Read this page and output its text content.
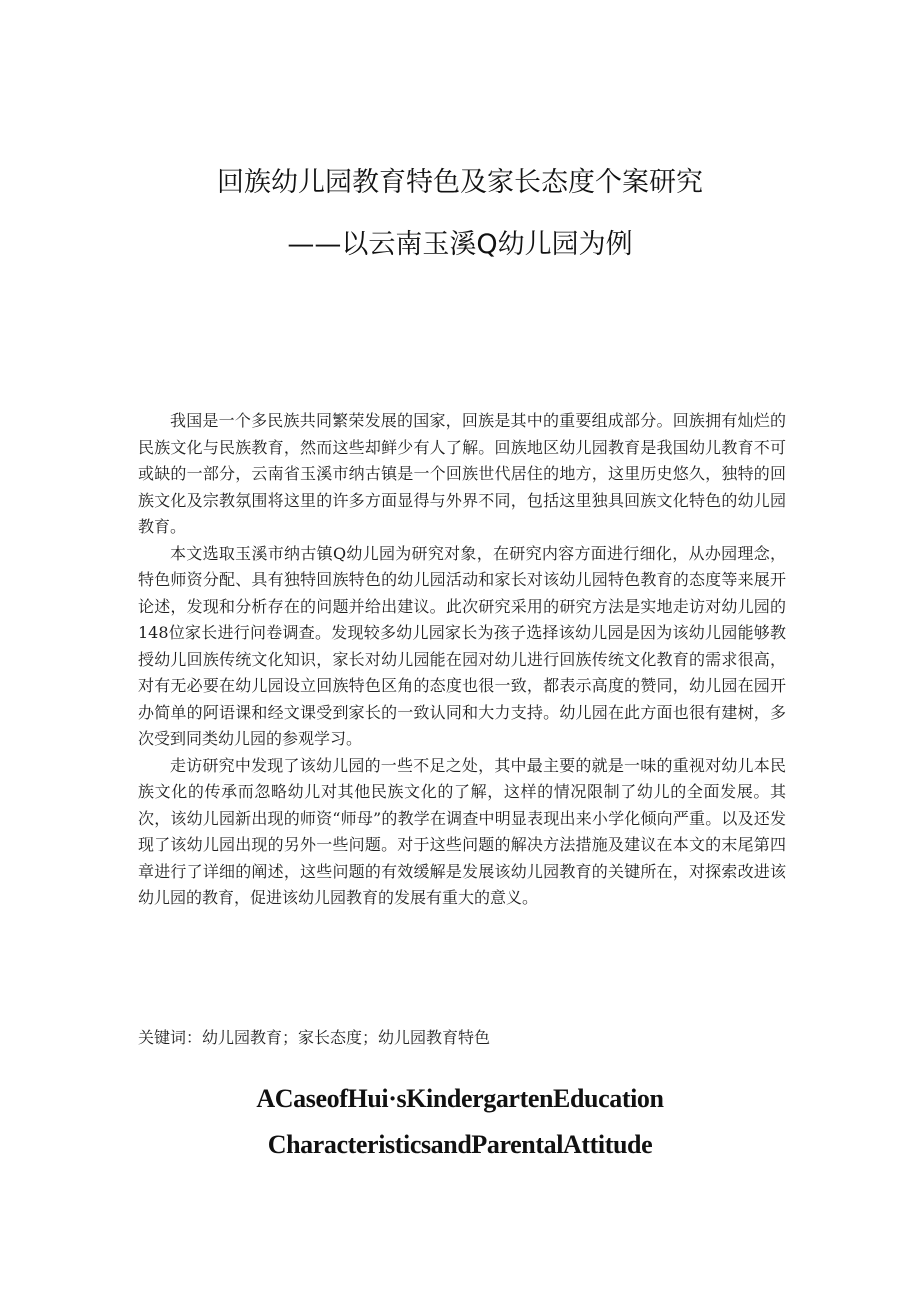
回族幼儿园教育特色及家长态度个案研究
——以云南玉溪Q幼儿园为例

我国是一个多民族共同繁荣发展的国家，回族是其中的重要组成部分。回族拥有灿烂的民族文化与民族教育，然而这些却鲜少有人了解。回族地区幼儿园教育是我国幼儿教育不可或缺的一部分，云南省玉溪市纳古镇是一个回族世代居住的地方，这里历史悠久，独特的回族文化及宗教氛围将这里的许多方面显得与外界不同，包括这里独具回族文化特色的幼儿园教育。

本文选取玉溪市纳古镇Q幼儿园为研究对象，在研究内容方面进行细化，从办园理念，特色师资分配、具有独特回族特色的幼儿园活动和家长对该幼儿园特色教育的态度等来展开论述，发现和分析存在的问题并给出建议。此次研究采用的研究方法是实地走访对幼儿园的148位家长进行问卷调查。发现较多幼儿园家长为孩子选择该幼儿园是因为该幼儿园能够教授幼儿回族传统文化知识，家长对幼儿园能在园对幼儿进行回族传统文化教育的需求很高，对有无必要在幼儿园设立回族特色区角的态度也很一致，都表示高度的赞同，幼儿园在园开办简单的阿语课和经文课受到家长的一致认同和大力支持。幼儿园在此方面也很有建树，多次受到同类幼儿园的参观学习。

走访研究中发现了该幼儿园的一些不足之处，其中最主要的就是一味的重视对幼儿本民族文化的传承而忽略幼儿对其他民族文化的了解，这样的情况限制了幼儿的全面发展。其次，该幼儿园新出现的师资“师母”的教学在调查中明显表现出来小学化倾向严重。以及还发现了该幼儿园出现的另外一些问题。对于这些问题的解决方法措施及建议在本文的末尾第四章进行了详细的阐述，这些问题的有效缓解是发展该幼儿园教育的关键所在，对探索改进该幼儿园的教育，促进该幼儿园教育的发展有重大的意义。

关键词：幼儿园教育；家长态度；幼儿园教育特色
ACaseofHui·sKindergartenEducation
CharacteristicsandParentalAttitude
